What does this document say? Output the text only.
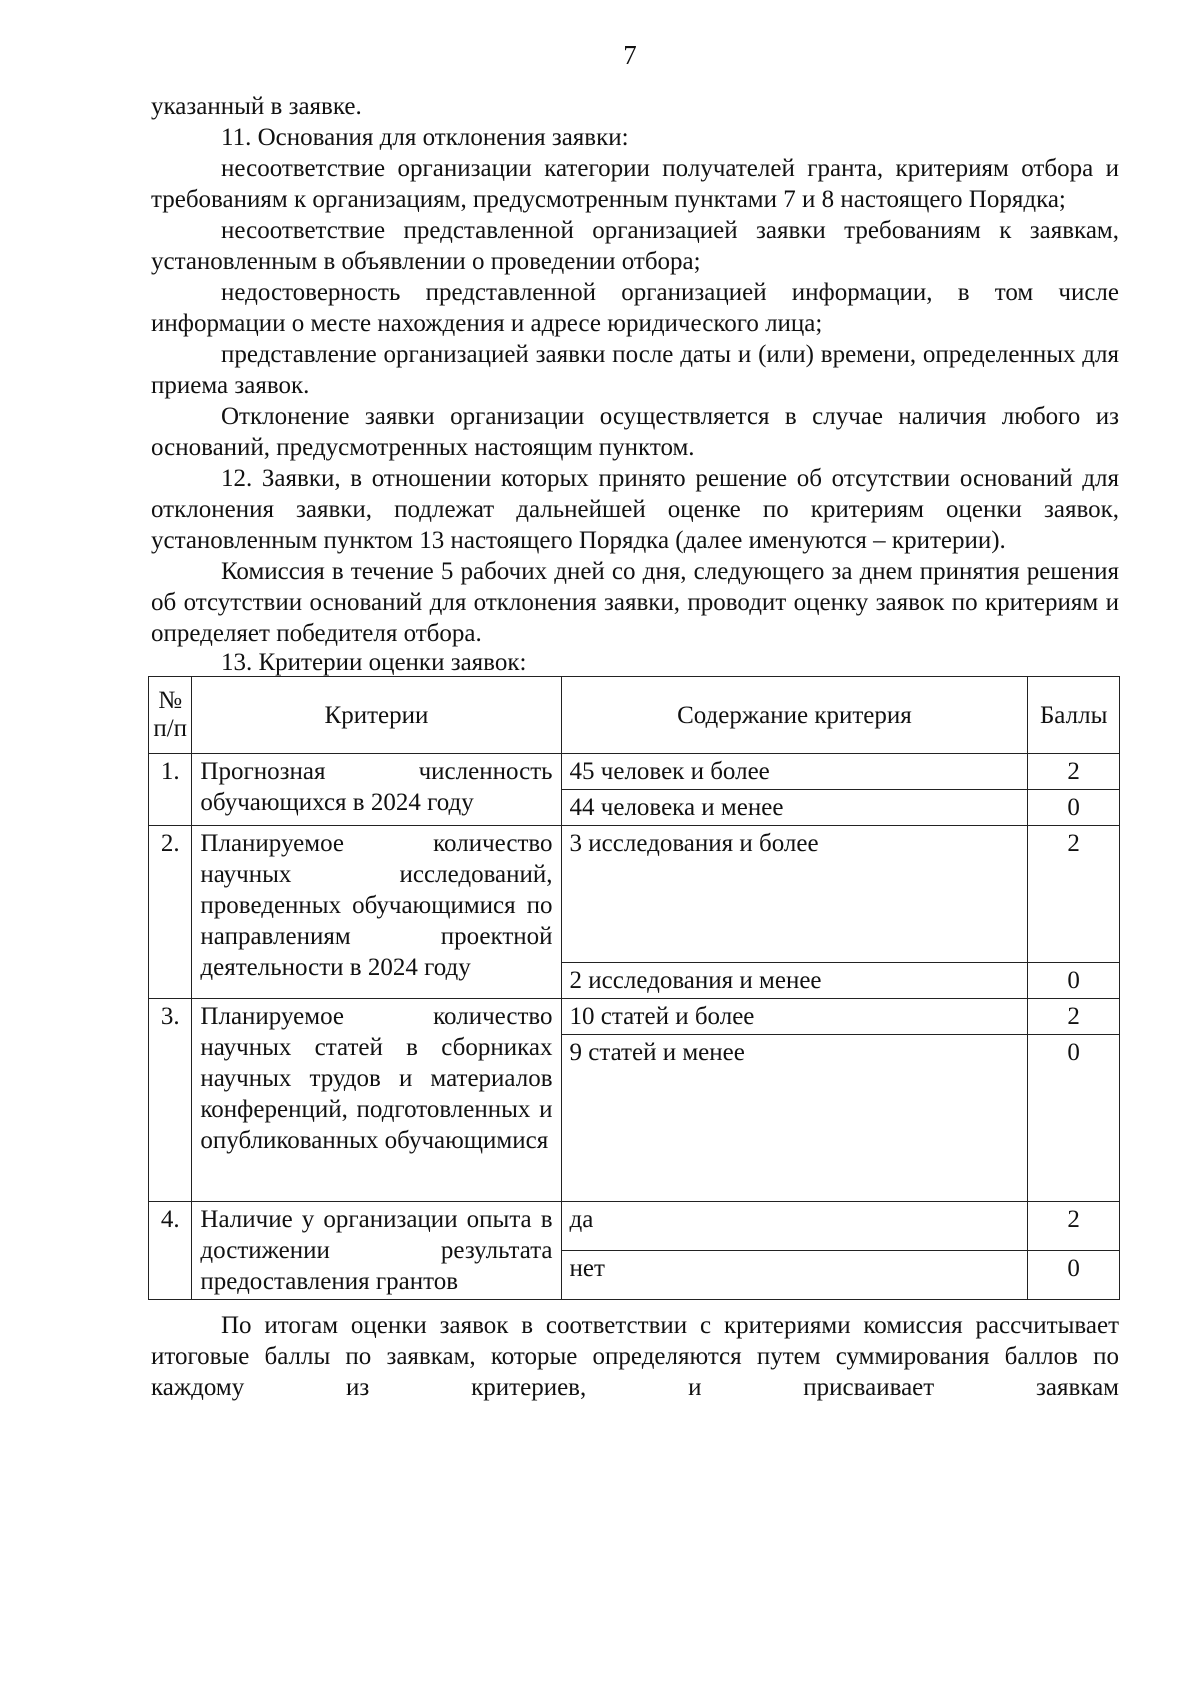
7

указанный в заявке.

11. Основания для отклонения заявки:

несоответствие организации категории получателей гранта, критериям отбора и требованиям к организациям, предусмотренным пунктами 7 и 8 настоящего Порядка;

несоответствие представленной организацией заявки требованиям к заявкам, установленным в объявлении о проведении отбора;

недостоверность представленной организацией информации, в том числе информации о месте нахождения и адресе юридического лица;

представление организацией заявки после даты и (или) времени, определенных для приема заявок.

Отклонение заявки организации осуществляется в случае наличия любого из оснований, предусмотренных настоящим пунктом.

12. Заявки, в отношении которых принято решение об отсутствии оснований для отклонения заявки, подлежат дальнейшей оценке по критериям оценки заявок, установленным пунктом 13 настоящего Порядка (далее именуются – критерии).

Комиссия в течение 5 рабочих дней со дня, следующего за днем принятия решения об отсутствии оснований для отклонения заявки, проводит оценку заявок по критериям и определяет победителя отбора.

13. Критерии оценки заявок:

№
п/п	Критерии	Содержание критерия	Баллы
1.	Прогнозная численность обучающихся в 2024 году	45 человек и более	2
		44 человека и менее	0
2.	Планируемое количество научных исследований, проведенных обучающимися по направлениям проектной деятельности в 2024 году	3 исследования и более	2
		2 исследования и менее	0
3.	Планируемое количество научных статей в сборниках научных трудов и материалов конференций, подготовленных и опубликованных обучающимися	10 статей и более	2
		9 статей и менее	0
4.	Наличие у организации опыта в достижении результата предоставления грантов	да	2
		нет	0

По итогам оценки заявок в соответствии с критериями комиссия рассчитывает итоговые баллы по заявкам, которые определяются путем суммирования баллов по каждому из критериев, и присваивает заявкам
